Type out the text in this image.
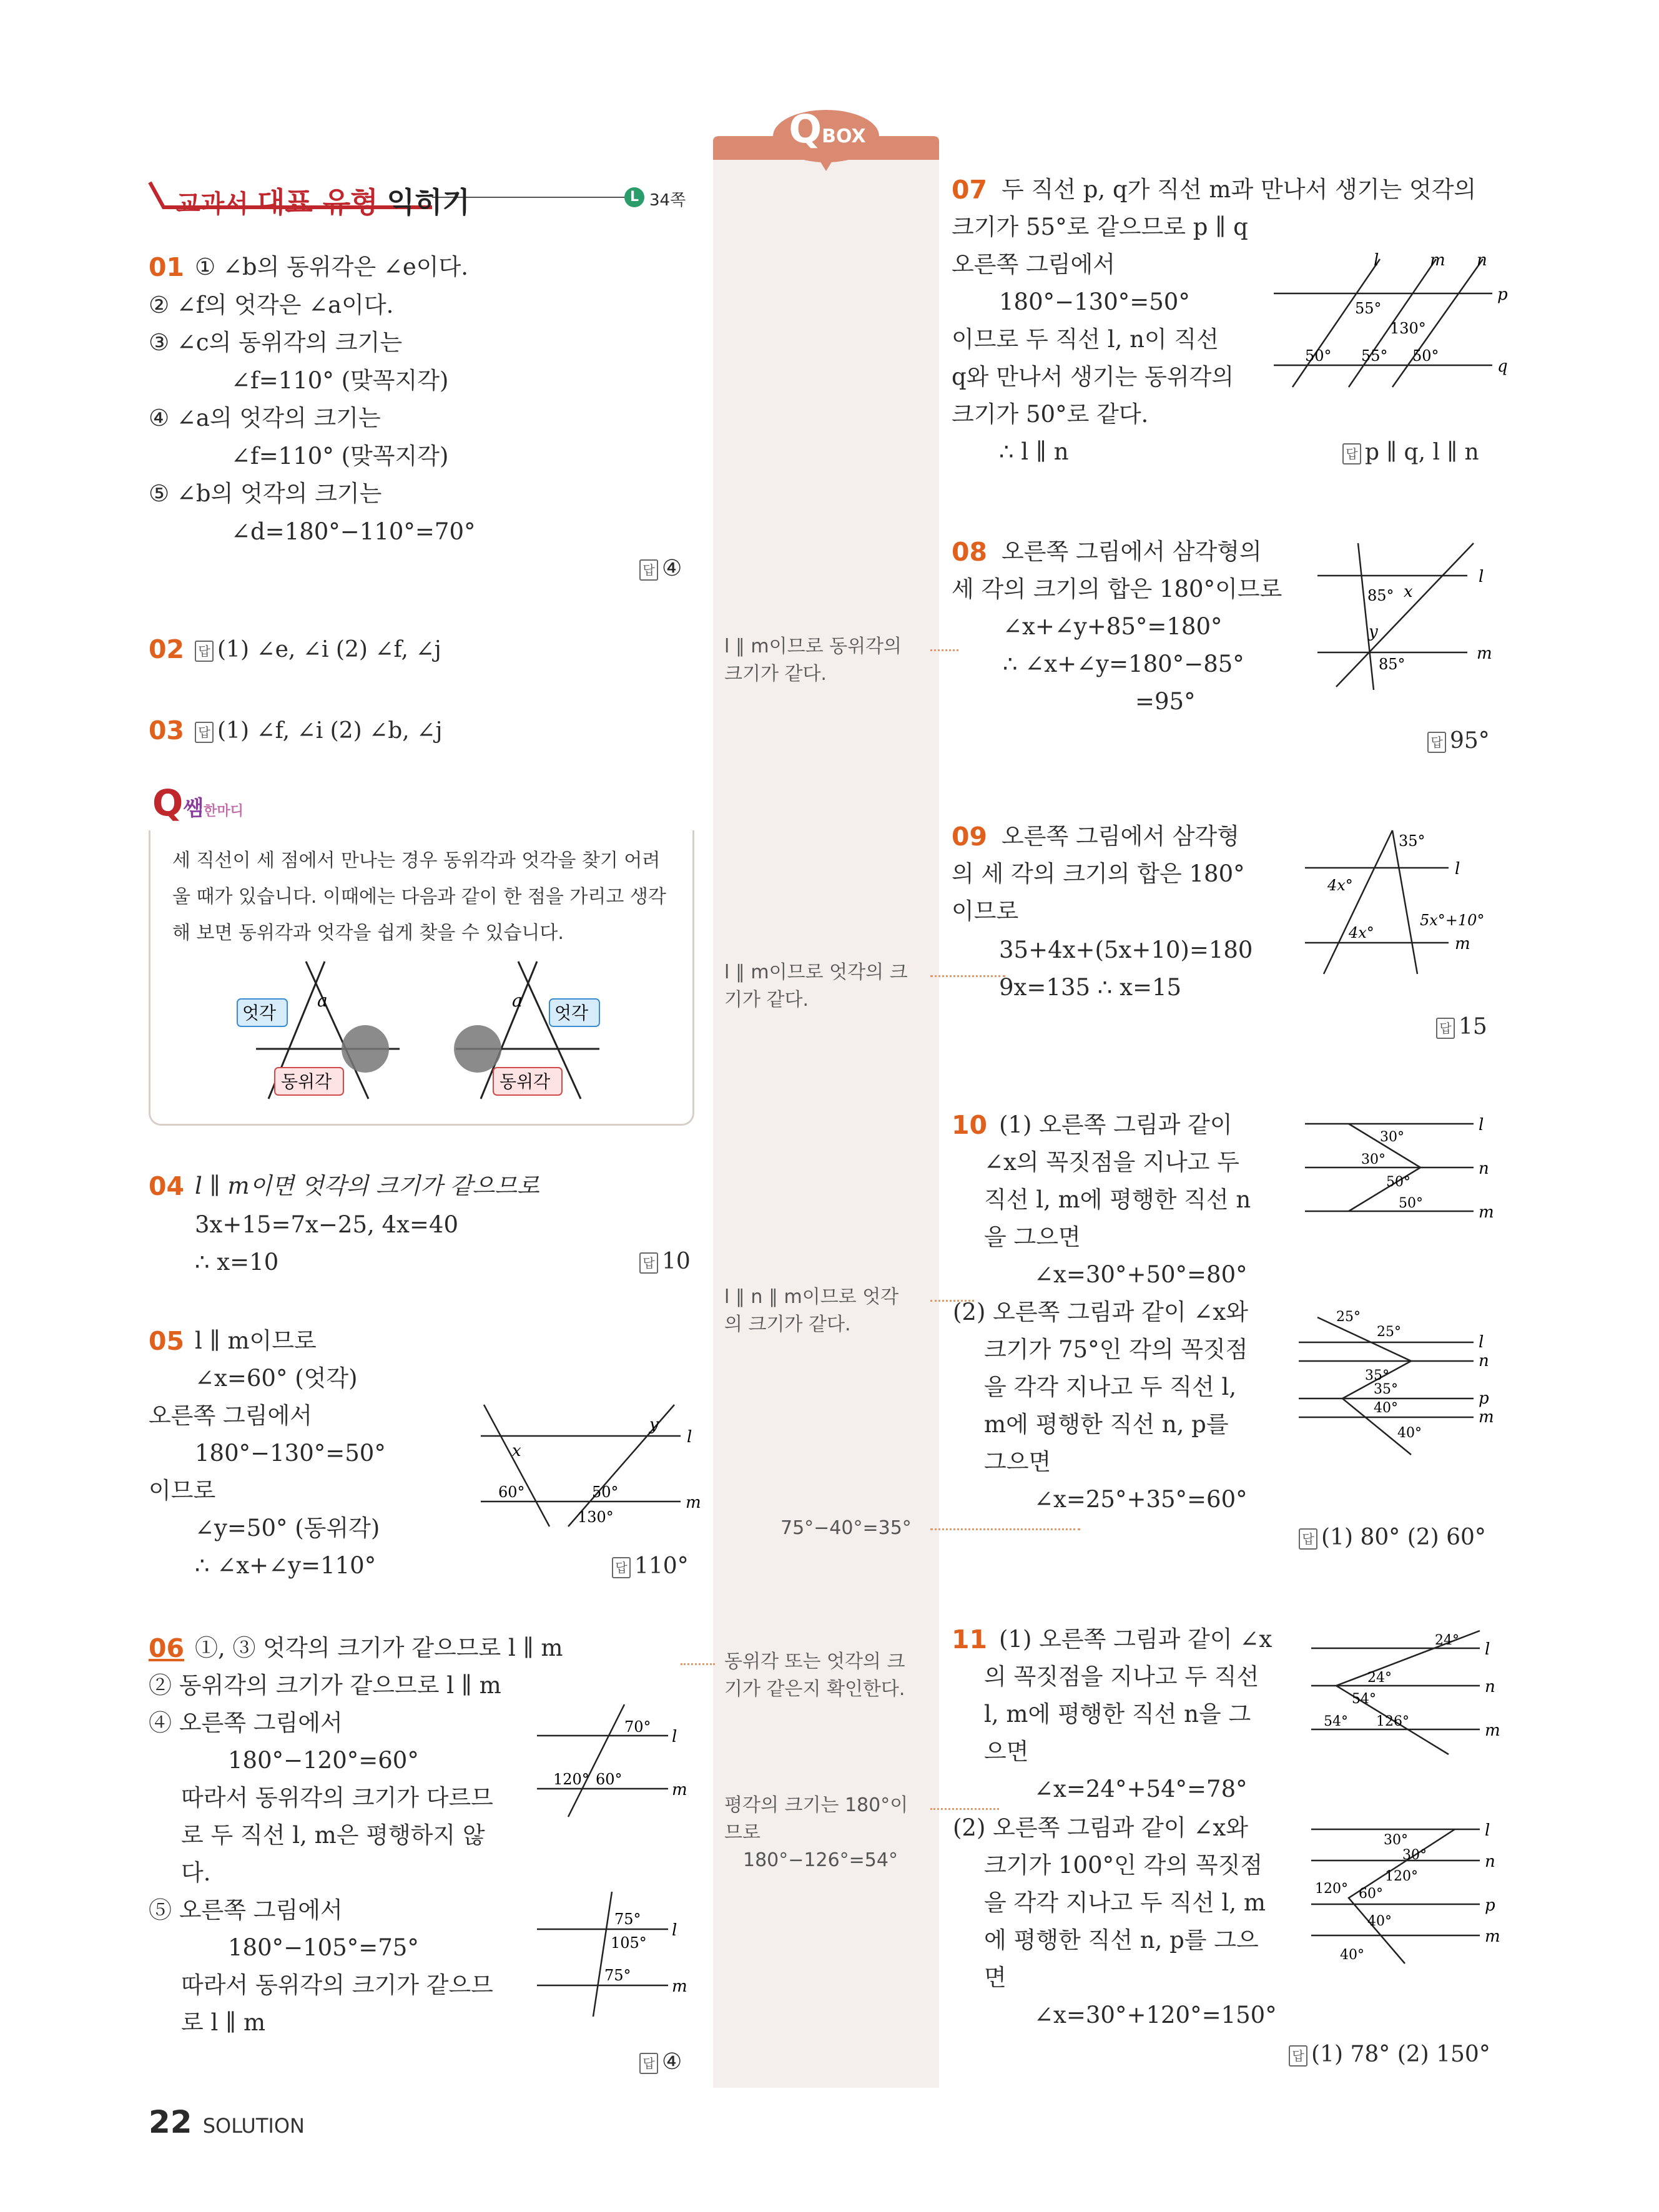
QBOX
교과서 대표 유형 익히기	L 34쪽
01 ① ∠b의 동위각은 ∠e이다.
② ∠f의 엇각은 ∠a이다.
③ ∠c의 동위각의 크기는
∠f=110° (맞꼭지각)
④ ∠a의 엇각의 크기는
∠f=110° (맞꼭지각)
⑤ ∠b의 엇각의 크기는
∠d=180°−110°=70°
답 ④
02 답 (1) ∠e, ∠i (2) ∠f, ∠j
03 답 (1) ∠f, ∠i (2) ∠b, ∠j
Q쌤한마디
세 직선이 세 점에서 만나는 경우 동위각과 엇각을 찾기 어려
울 때가 있습니다. 이때에는 다음과 같이 한 점을 가리고 생각
해 보면 동위각과 엇각을 쉽게 찾을 수 있습니다.
a
엇각
동위각
a
엇각
동위각
04 l ∥ m이면 엇각의 크기가 같으므로
3x+15=7x−25, 4x=40
∴ x=10	답 10
05 l ∥ m이므로
∠x=60° (엇각)
오른쪽 그림에서
180°−130°=50°
이므로
∠y=50° (동위각)
∴ ∠x+∠y=110°	답 110°
x
y
l
m
60°	50°
130°
06 ①, ③ 엇각의 크기가 같으므로 l ∥ m
② 동위각의 크기가 같으므로 l ∥ m
④ 오른쪽 그림에서
180°−120°=60°
따라서 동위각의 크기가 다르므
로 두 직선 l, m은 평행하지 않
다.
⑤ 오른쪽 그림에서
180°−105°=75°
따라서 동위각의 크기가 같으므
로 l ∥ m
답 ④
70°
120° 60°
l
m
75°
105°
75°
l
m
l ∥ m이므로 동위각의
크기가 같다.
l ∥ m이므로 엇각의 크
기가 같다.
l ∥ n ∥ m이므로 엇각
의 크기가 같다.
75°−40°=35°
동위각 또는 엇각의 크
기가 같은지 확인한다.
평각의 크기는 180°이
므로
180°−126°=54°
07 두 직선 p, q가 직선 m과 만나서 생기는 엇각의
크기가 55°로 같으므로 p ∥ q
오른쪽 그림에서
180°−130°=50°
이므로 두 직선 l, n이 직선
q와 만나서 생기는 동위각의
크기가 50°로 같다.
∴ l ∥ n	답 p ∥ q, l ∥ n
l	m n
p
q
55°
130°
50° 55° 50°
08 오른쪽 그림에서 삼각형의
세 각의 크기의 합은 180°이므로
∠x+∠y+85°=180°
∴ ∠x+∠y=180°−85°
=95°
답 95°
85° x
y
85°
l
m
09 오른쪽 그림에서 삼각형
의 세 각의 크기의 합은 180°
이므로
35+4x+(5x+10)=180
9x=135 ∴ x=15
답 15
35°
4x°
4x°
5x°+10°
l
m
10 (1) 오른쪽 그림과 같이
∠x의 꼭짓점을 지나고 두
직선 l, m에 평행한 직선 n
을 그으면
∠x=30°+50°=80°
(2) 오른쪽 그림과 같이 ∠x와
크기가 75°인 각의 꼭짓점
을 각각 지나고 두 직선 l,
m에 평행한 직선 n, p를
그으면
∠x=25°+35°=60°
답 (1) 80° (2) 60°
30°
30°
50°
50°
l
n
m
25°
25°
35°
35°
40°
40°
l
n
p
m
11 (1) 오른쪽 그림과 같이 ∠x
의 꼭짓점을 지나고 두 직선
l, m에 평행한 직선 n을 그
으면
∠x=24°+54°=78°
(2) 오른쪽 그림과 같이 ∠x와
크기가 100°인 각의 꼭짓점
을 각각 지나고 두 직선 l, m
에 평행한 직선 n, p를 그으
면
∠x=30°+120°=150°
답 (1) 78° (2) 150°
24°
24°
54°
54° 126°
l
n
m
30°
30°
120°
120° 60°
40°
40°
l
n
p
m
22 SOLUTION
